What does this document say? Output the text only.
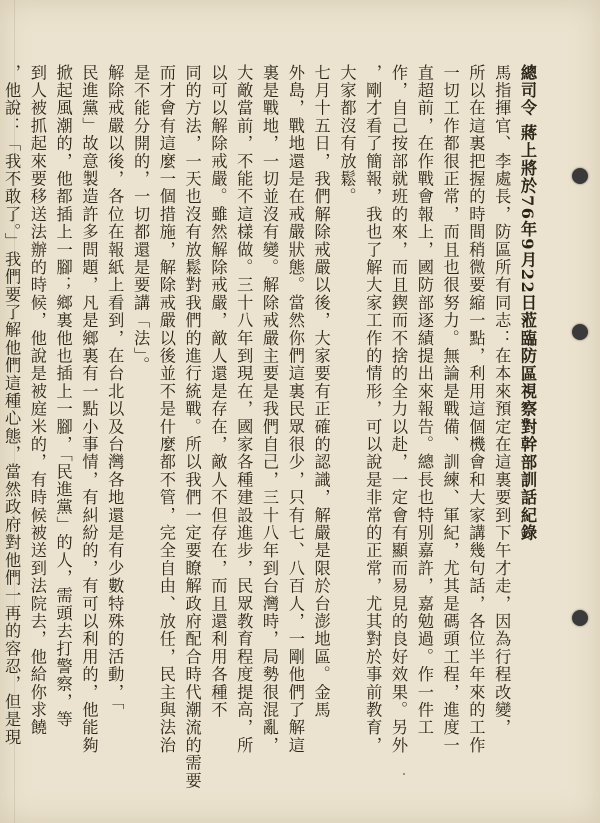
總司令 蔣上將於76年9月22日蒞臨防區視察對幹部訓話紀錄
馬指揮官、李處長，防區所有同志：在本來預定在這裏要到下午才走，因為行程改變，
所以在這裏把握的時間稍微要縮一點，利用這個機會和大家講幾句話，各位半年來的工作
一切工作都很正常，而且也很努力。無論是戰備、訓練、軍紀，尤其是碼頭工程，進度一
直超前，在作戰會報上，國防部逐績提出來報告。總長也特別嘉許，嘉勉過。作一件工
作，自己按部就班的來，而且鍥而不捨的全力以赴，一定會有顯而易見的良好效果。另外
，剛才看了簡報，我也了解大家工作的情形，可以說是非常的正常，尤其對於事前教育，
大家都沒有放鬆。
七月十五日，我們解除戒嚴以後，大家要有正確的認識，解嚴是限於台澎地區。金馬
外島，戰地還是在戒嚴狀態。當然你們這裏民眾很少，只有七、八百人，一剛他們了解這
裏是戰地，一切並沒有變。解除戒嚴主要是我們自己，三十八年到台灣時，局勢很混亂，
大敵當前，不能不這樣做。三十八年到現在，國家各種建設進步，民眾教育程度提高，所
以可以解除戒嚴。雖然解除戒嚴，敵人還是存在，敵人不但存在，而且還利用各種不
同的方法，一天也沒有放鬆對我們的進行統戰。所以我們一定要瞭解政府配合時代潮流的需要
而才會有這麼一個措施，解除戒嚴以後並不是什麼都不管，完全自由、放任，民主與法治
是不能分開的，一切都還是要講「法」。
解除戒嚴以後，各位在報紙上看到，在台北以及台灣各地還是有少數特殊的活動，「
民進黨」故意製造許多問題，凡是鄉裏有一點小事情，有糾紛的，有可以利用的，他能夠
掀起風潮的，他都插上一腳；鄉裏他也插上一腳，「民進黨」的人，需頭去打警察，等
到人被抓起來要移送法辦的時候，他說是被庭米的，有時候被送到法院去，他給你求饒
，他說：「我不敢了。」我們要了解他們這種心態，當然政府對他們一再的容忍，但是現
